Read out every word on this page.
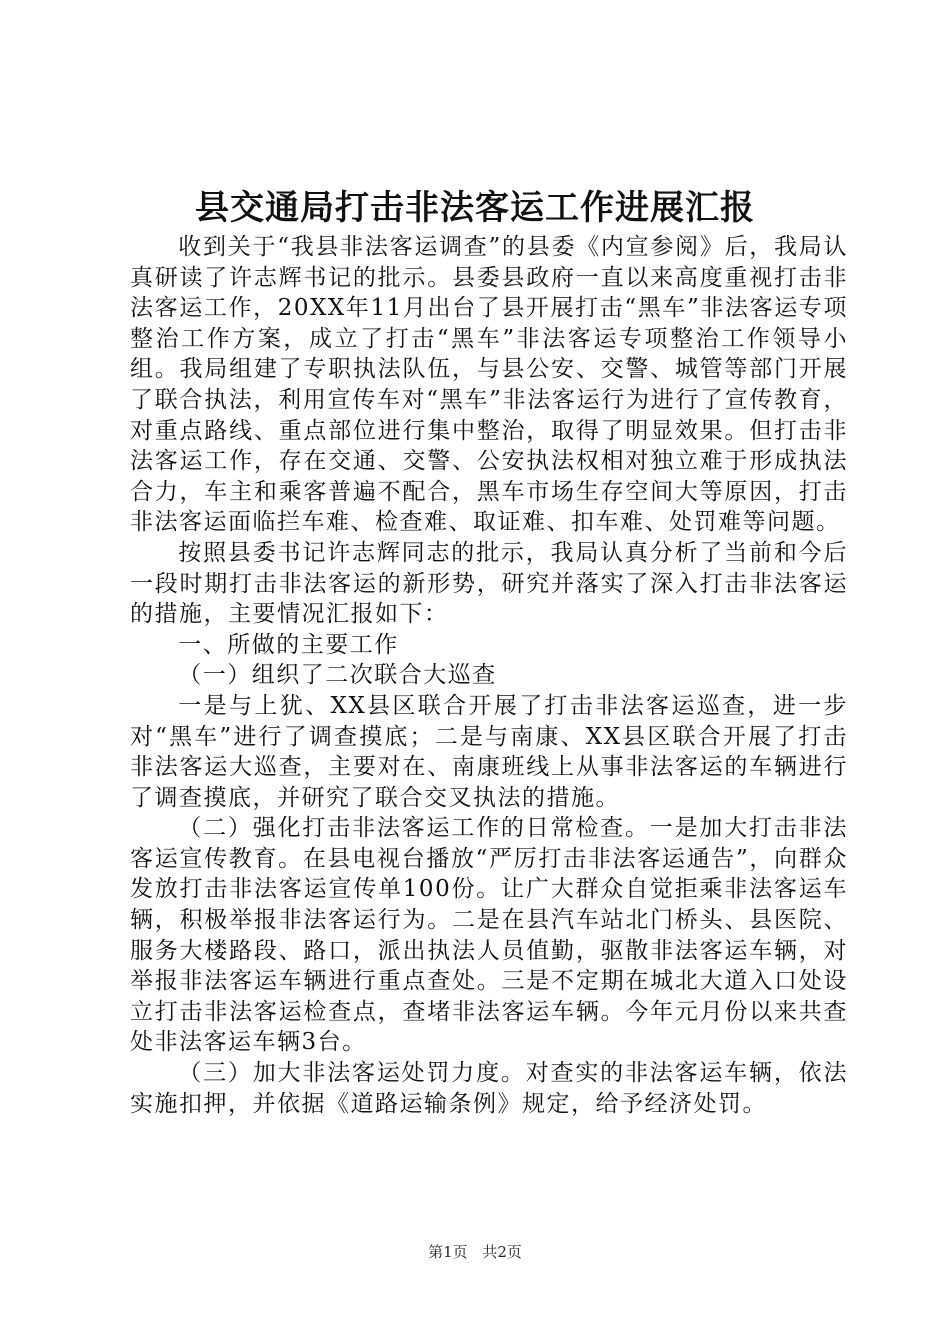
县交通局打击非法客运工作进展汇报

收到关于“我县非法客运调查”的县委《内宣参阅》后，我局认真研读了许志辉书记的批示。县委县政府一直以来高度重视打击非法客运工作，20XX年11月出台了县开展打击“黑车”非法客运专项整治工作方案，成立了打击“黑车”非法客运专项整治工作领导小组。我局组建了专职执法队伍，与县公安、交警、城管等部门开展了联合执法，利用宣传车对“黑车”非法客运行为进行了宣传教育，对重点路线、重点部位进行集中整治，取得了明显效果。但打击非法客运工作，存在交通、交警、公安执法权相对独立难于形成执法合力，车主和乘客普遍不配合，黑车市场生存空间大等原因，打击非法客运面临拦车难、检查难、取证难、扣车难、处罚难等问题。

按照县委书记许志辉同志的批示，我局认真分析了当前和今后一段时期打击非法客运的新形势，研究并落实了深入打击非法客运的措施，主要情况汇报如下：

一、所做的主要工作

（一）组织了二次联合大巡查

一是与上犹、XX县区联合开展了打击非法客运巡查，进一步对“黑车”进行了调查摸底；二是与南康、XX县区联合开展了打击非法客运大巡查，主要对在、南康班线上从事非法客运的车辆进行了调查摸底，并研究了联合交叉执法的措施。

（二）强化打击非法客运工作的日常检查。一是加大打击非法客运宣传教育。在县电视台播放“严厉打击非法客运通告”，向群众发放打击非法客运宣传单100份。让广大群众自觉拒乘非法客运车辆，积极举报非法客运行为。二是在县汽车站北门桥头、县医院、服务大楼路段、路口，派出执法人员值勤，驱散非法客运车辆，对举报非法客运车辆进行重点查处。三是不定期在城北大道入口处设立打击非法客运检查点，查堵非法客运车辆。今年元月份以来共查处非法客运车辆3台。

（三）加大非法客运处罚力度。对查实的非法客运车辆，依法实施扣押，并依据《道路运输条例》规定，给予经济处罚。

第1页 共2页
